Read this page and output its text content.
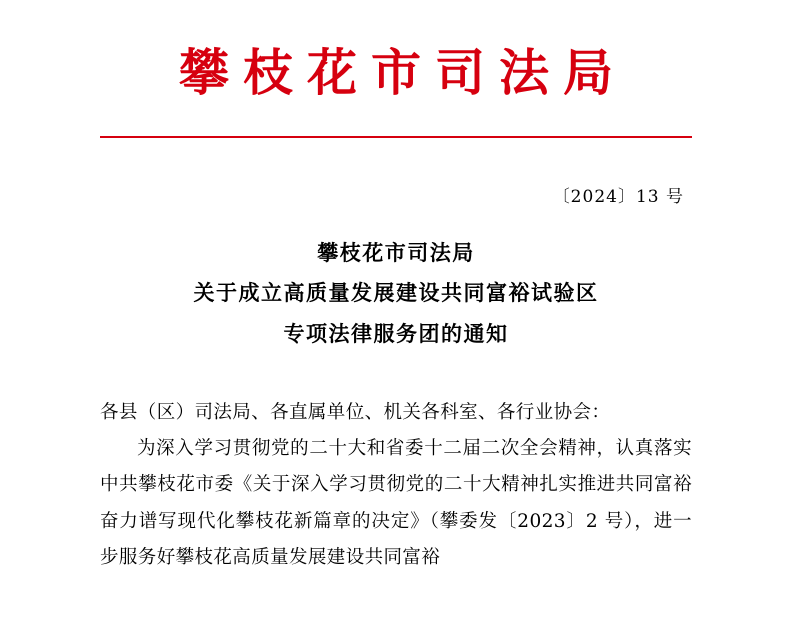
攀枝花市司法局
〔2024〕13 号
攀枝花市司法局
关于成立高质量发展建设共同富裕试验区
专项法律服务团的通知

各县（区）司法局、各直属单位、机关各科室、各行业协会：

为深入学习贯彻党的二十大和省委十二届二次全会精神，认真落实中共攀枝花市委《关于深入学习贯彻党的二十大精神扎实推进共同富裕奋力谱写现代化攀枝花新篇章的决定》（攀委发〔2023〕2 号），进一步服务好攀枝花高质量发展建设共同富裕
